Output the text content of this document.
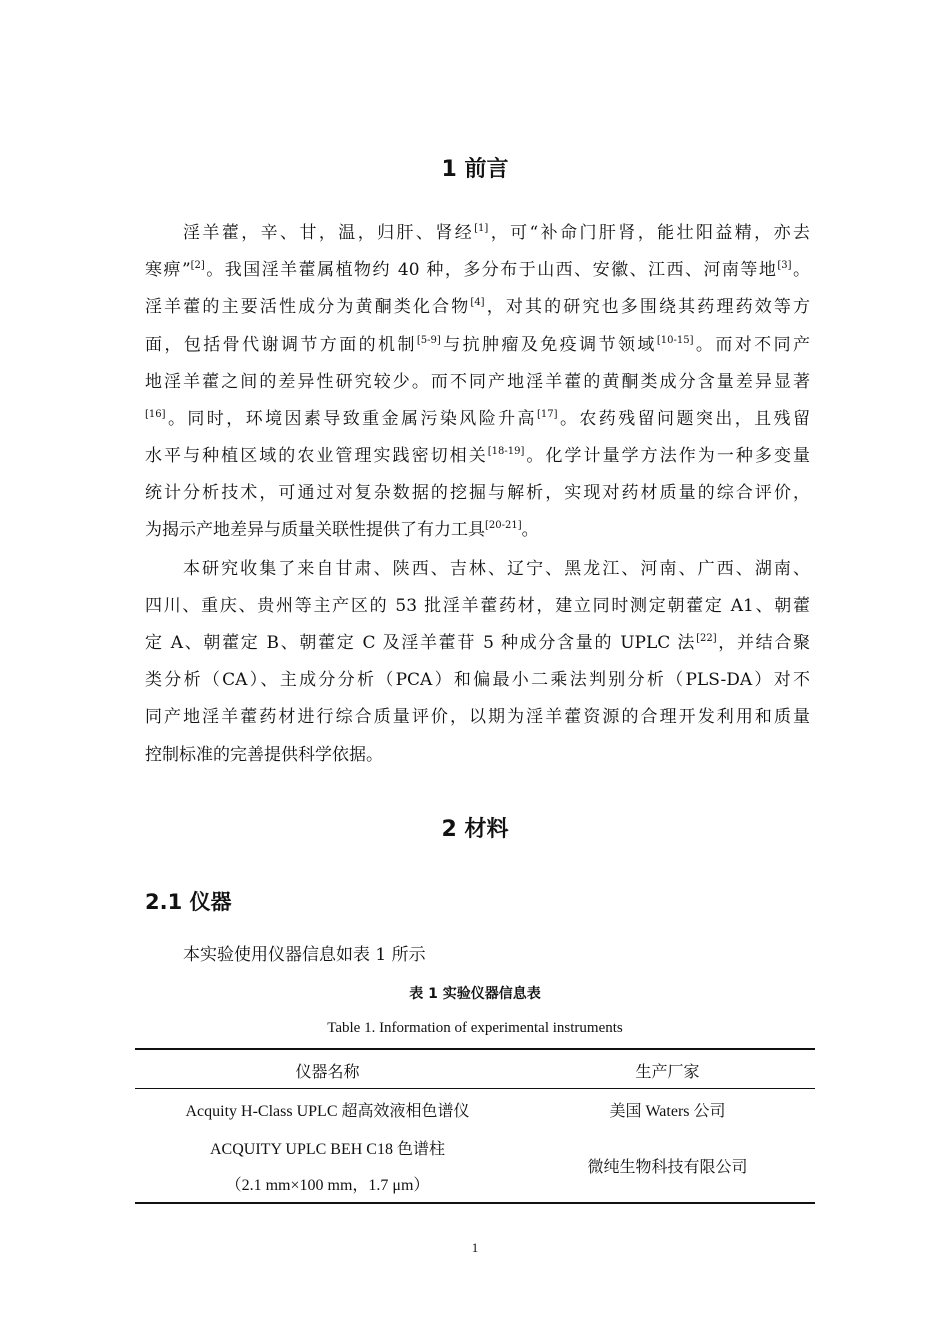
1 前言
淫羊藿，辛、甘，温，归肝、肾经[1]，可“补命门肝肾，能壮阳益精，亦去
寒痹”[2]。我国淫羊藿属植物约 40 种，多分布于山西、安徽、江西、河南等地[3]。
淫羊藿的主要活性成分为黄酮类化合物[4]，对其的研究也多围绕其药理药效等方
面，包括骨代谢调节方面的机制[5-9]与抗肿瘤及免疫调节领域[10-15]。而对不同产
地淫羊藿之间的差异性研究较少。而不同产地淫羊藿的黄酮类成分含量差异显著
[16]。同时，环境因素导致重金属污染风险升高[17]。农药残留问题突出，且残留
水平与种植区域的农业管理实践密切相关[18-19]。化学计量学方法作为一种多变量
统计分析技术，可通过对复杂数据的挖掘与解析，实现对药材质量的综合评价，
为揭示产地差异与质量关联性提供了有力工具[20-21]。
本研究收集了来自甘肃、陕西、吉林、辽宁、黑龙江、河南、广西、湖南、
四川、重庆、贵州等主产区的 53 批淫羊藿药材，建立同时测定朝藿定 A1、朝藿
定 A、朝藿定 B、朝藿定 C 及淫羊藿苷 5 种成分含量的 UPLC 法[22]，并结合聚
类分析（CA）、主成分分析（PCA）和偏最小二乘法判别分析（PLS-DA）对不
同产地淫羊藿药材进行综合质量评价，以期为淫羊藿资源的合理开发利用和质量
控制标准的完善提供科学依据。
2 材料
2.1 仪器
本实验使用仪器信息如表 1 所示
表 1 实验仪器信息表
Table 1. Information of experimental instruments
仪器名称	生产厂家
Acquity H-Class UPLC 超高效液相色谱仪	美国 Waters 公司
ACQUITY UPLC BEH C18 色谱柱
（2.1 mm×100 mm，1.7 μm）
微纯生物科技有限公司
1
